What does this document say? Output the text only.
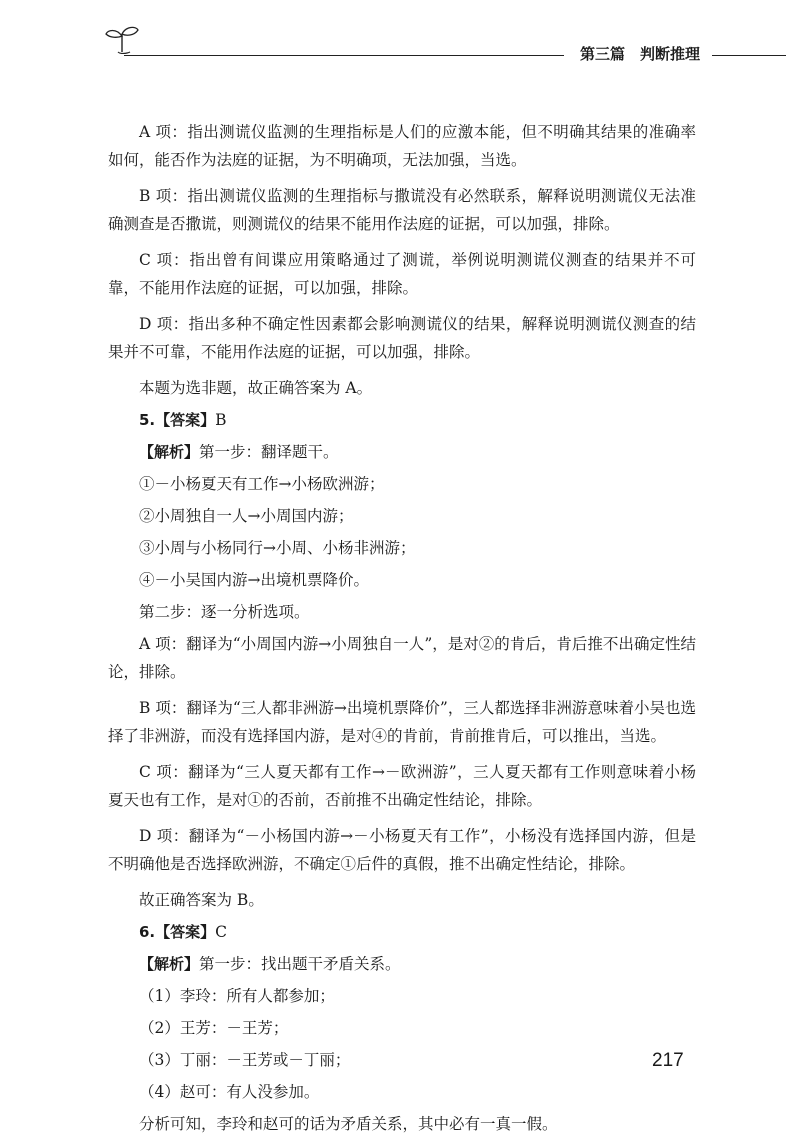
第三篇　判断推理

A 项：指出测谎仪监测的生理指标是人们的应激本能，但不明确其结果的准确率如何，能否作为法庭的证据，为不明确项，无法加强，当选。

B 项：指出测谎仪监测的生理指标与撒谎没有必然联系，解释说明测谎仪无法准确测查是否撒谎，则测谎仪的结果不能用作法庭的证据，可以加强，排除。

C 项：指出曾有间谍应用策略通过了测谎，举例说明测谎仪测查的结果并不可靠，不能用作法庭的证据，可以加强，排除。

D 项：指出多种不确定性因素都会影响测谎仪的结果，解释说明测谎仪测查的结果并不可靠，不能用作法庭的证据，可以加强，排除。

本题为选非题，故正确答案为 A。

5.【答案】B

【解析】第一步：翻译题干。

①－小杨夏天有工作→小杨欧洲游；

②小周独自一人→小周国内游；

③小周与小杨同行→小周、小杨非洲游；

④－小吴国内游→出境机票降价。

第二步：逐一分析选项。

A 项：翻译为“小周国内游→小周独自一人”，是对②的肯后，肯后推不出确定性结论，排除。

B 项：翻译为“三人都非洲游→出境机票降价”，三人都选择非洲游意味着小吴也选择了非洲游，而没有选择国内游，是对④的肯前，肯前推肯后，可以推出，当选。

C 项：翻译为“三人夏天都有工作→－欧洲游”，三人夏天都有工作则意味着小杨夏天也有工作，是对①的否前，否前推不出确定性结论，排除。

D 项：翻译为“－小杨国内游→－小杨夏天有工作”，小杨没有选择国内游，但是不明确他是否选择欧洲游，不确定①后件的真假，推不出确定性结论，排除。

故正确答案为 B。

6.【答案】C

【解析】第一步：找出题干矛盾关系。

（1）李玲：所有人都参加；

（2）王芳：－王芳；

（3）丁丽：－王芳或－丁丽；

（4）赵可：有人没参加。

分析可知，李玲和赵可的话为矛盾关系，其中必有一真一假。

217
